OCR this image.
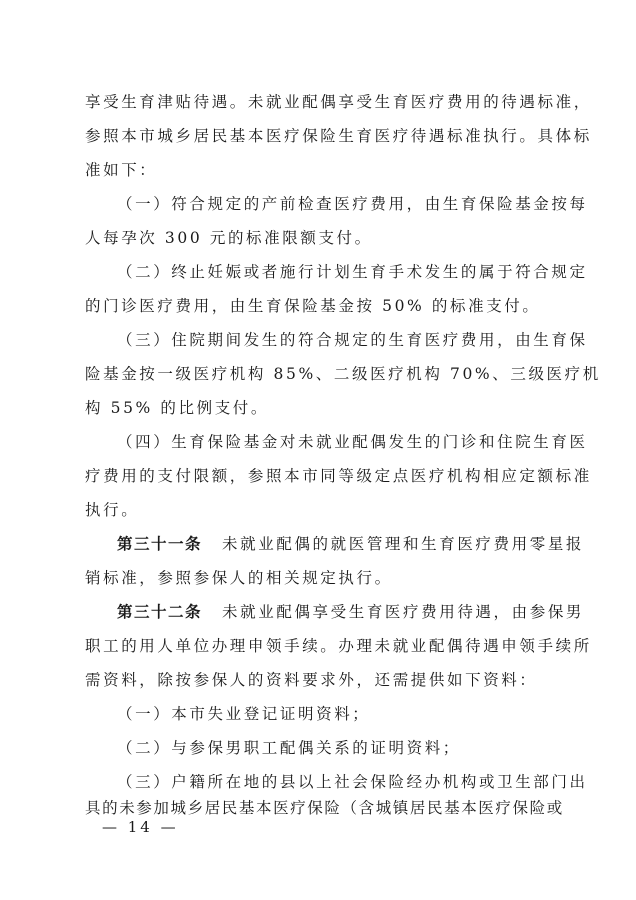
享受生育津贴待遇。未就业配偶享受生育医疗费用的待遇标准，
参照本市城乡居民基本医疗保险生育医疗待遇标准执行。具体标
准如下：
（一）符合规定的产前检查医疗费用，由生育保险基金按每
人每孕次 300 元的标准限额支付。
（二）终止妊娠或者施行计划生育手术发生的属于符合规定
的门诊医疗费用，由生育保险基金按 50% 的标准支付。
（三）住院期间发生的符合规定的生育医疗费用，由生育保
险基金按一级医疗机构 85%、二级医疗机构 70%、三级医疗机
构 55% 的比例支付。
（四）生育保险基金对未就业配偶发生的门诊和住院生育医
疗费用的支付限额，参照本市同等级定点医疗机构相应定额标准
执行。
第三十一条 未就业配偶的就医管理和生育医疗费用零星报
销标准，参照参保人的相关规定执行。
第三十二条 未就业配偶享受生育医疗费用待遇，由参保男
职工的用人单位办理申领手续。办理未就业配偶待遇申领手续所
需资料，除按参保人的资料要求外，还需提供如下资料：
（一）本市失业登记证明资料；
（二）与参保男职工配偶关系的证明资料；
（三）户籍所在地的县以上社会保险经办机构或卫生部门出
具的未参加城乡居民基本医疗保险（含城镇居民基本医疗保险或
— 14 —
